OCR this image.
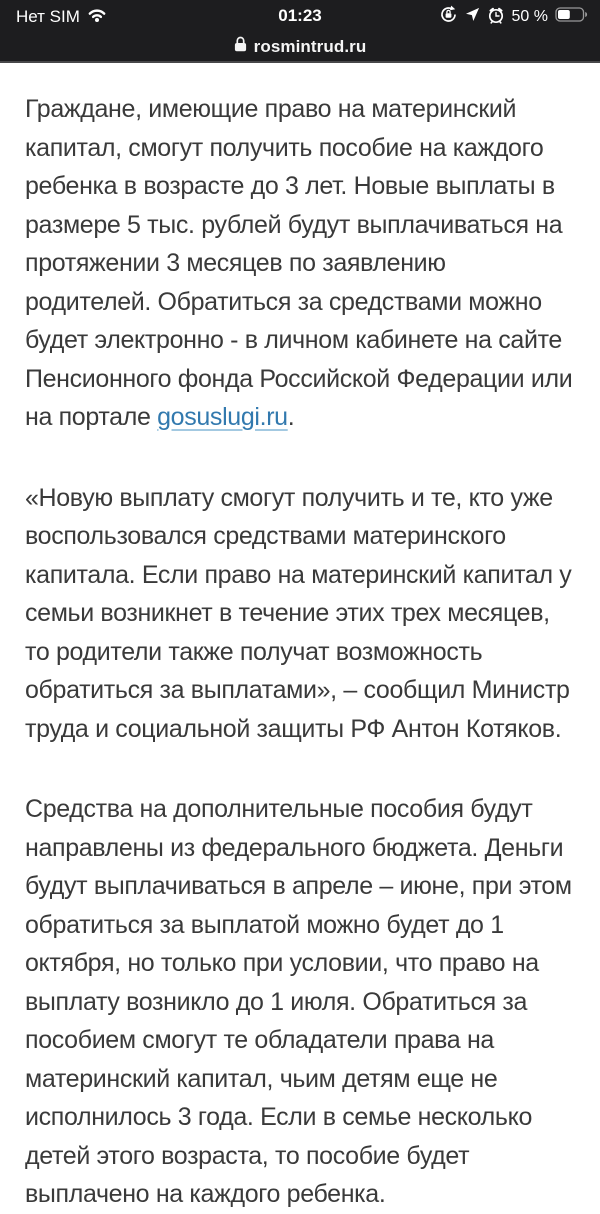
Нет SIM	01:23	50 %
rosmintrud.ru

Граждане, имеющие право на материнский капитал, смогут получить пособие на каждого ребенка в возрасте до 3 лет. Новые выплаты в размере 5 тыс. рублей будут выплачиваться на протяжении 3 месяцев по заявлению родителей. Обратиться за средствами можно будет электронно - в личном кабинете на сайте Пенсионного фонда Российской Федерации или на портале gosuslugi.ru.

«Новую выплату смогут получить и те, кто уже воспользовался средствами материнского капитала. Если право на материнский капитал у семьи возникнет в течение этих трех месяцев, то родители также получат возможность обратиться за выплатами», – сообщил Министр труда и социальной защиты РФ Антон Котяков.

Средства на дополнительные пособия будут направлены из федерального бюджета. Деньги будут выплачиваться в апреле – июне, при этом обратиться за выплатой можно будет до 1 октября, но только при условии, что право на выплату возникло до 1 июля. Обратиться за пособием смогут те обладатели права на материнский капитал, чьим детям еще не исполнилось 3 года. Если в семье несколько детей этого возраста, то пособие будет выплачено на каждого ребенка.
